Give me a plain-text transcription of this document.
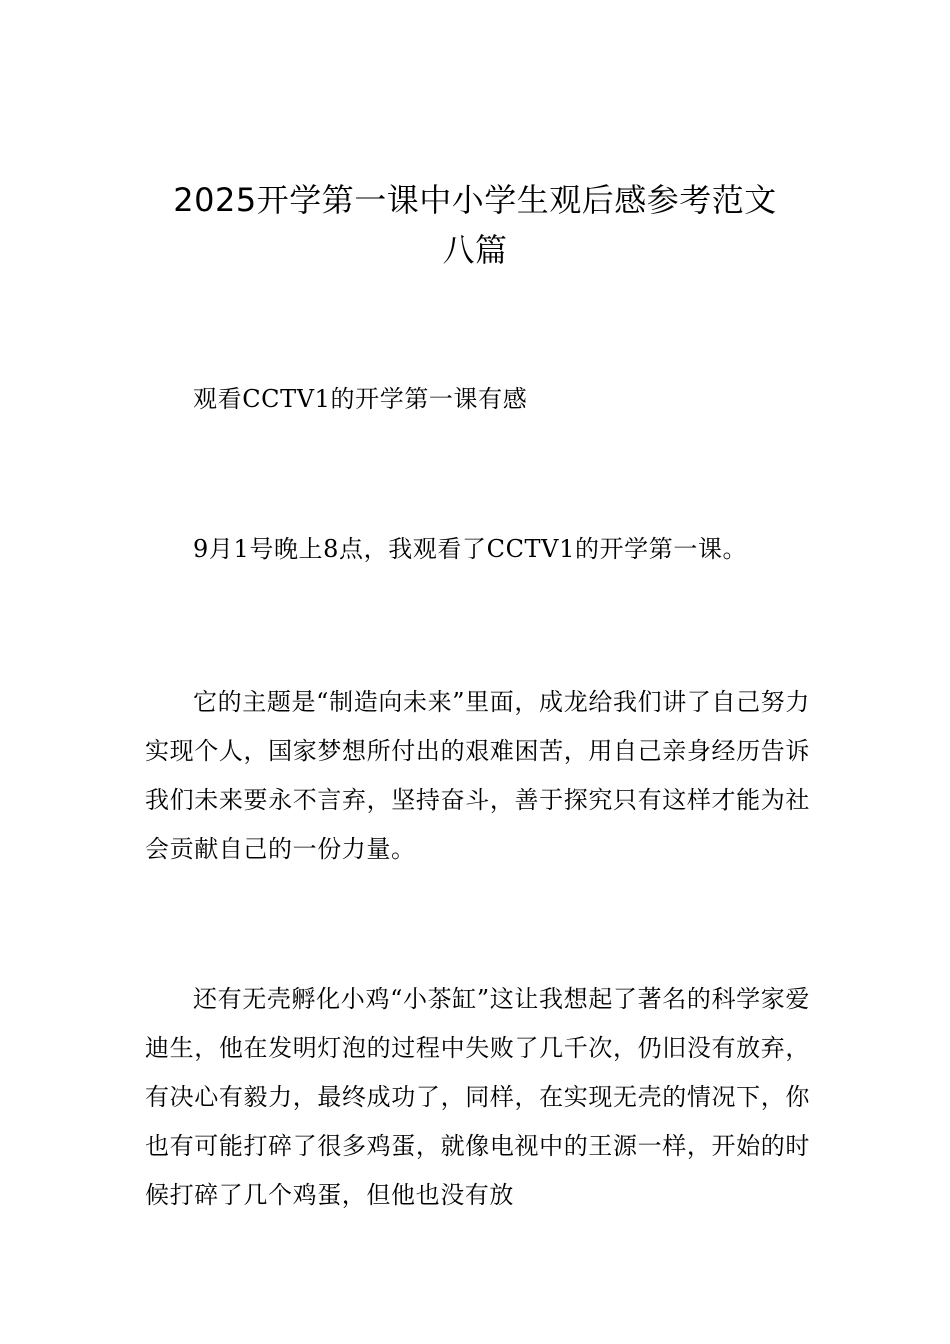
2025开学第一课中小学生观后感参考范文
八篇

观看CCTV1的开学第一课有感

9月1号晚上8点，我观看了CCTV1的开学第一课。

它的主题是“制造向未来”里面，成龙给我们讲了自己努力实现个人，国家梦想所付出的艰难困苦，用自己亲身经历告诉我们未来要永不言弃，坚持奋斗，善于探究只有这样才能为社会贡献自己的一份力量。

还有无壳孵化小鸡“小茶缸”这让我想起了著名的科学家爱迪生，他在发明灯泡的过程中失败了几千次，仍旧没有放弃，有决心有毅力，最终成功了，同样，在实现无壳的情况下，你也有可能打碎了很多鸡蛋，就像电视中的王源一样，开始的时候打碎了几个鸡蛋，但他也没有放
